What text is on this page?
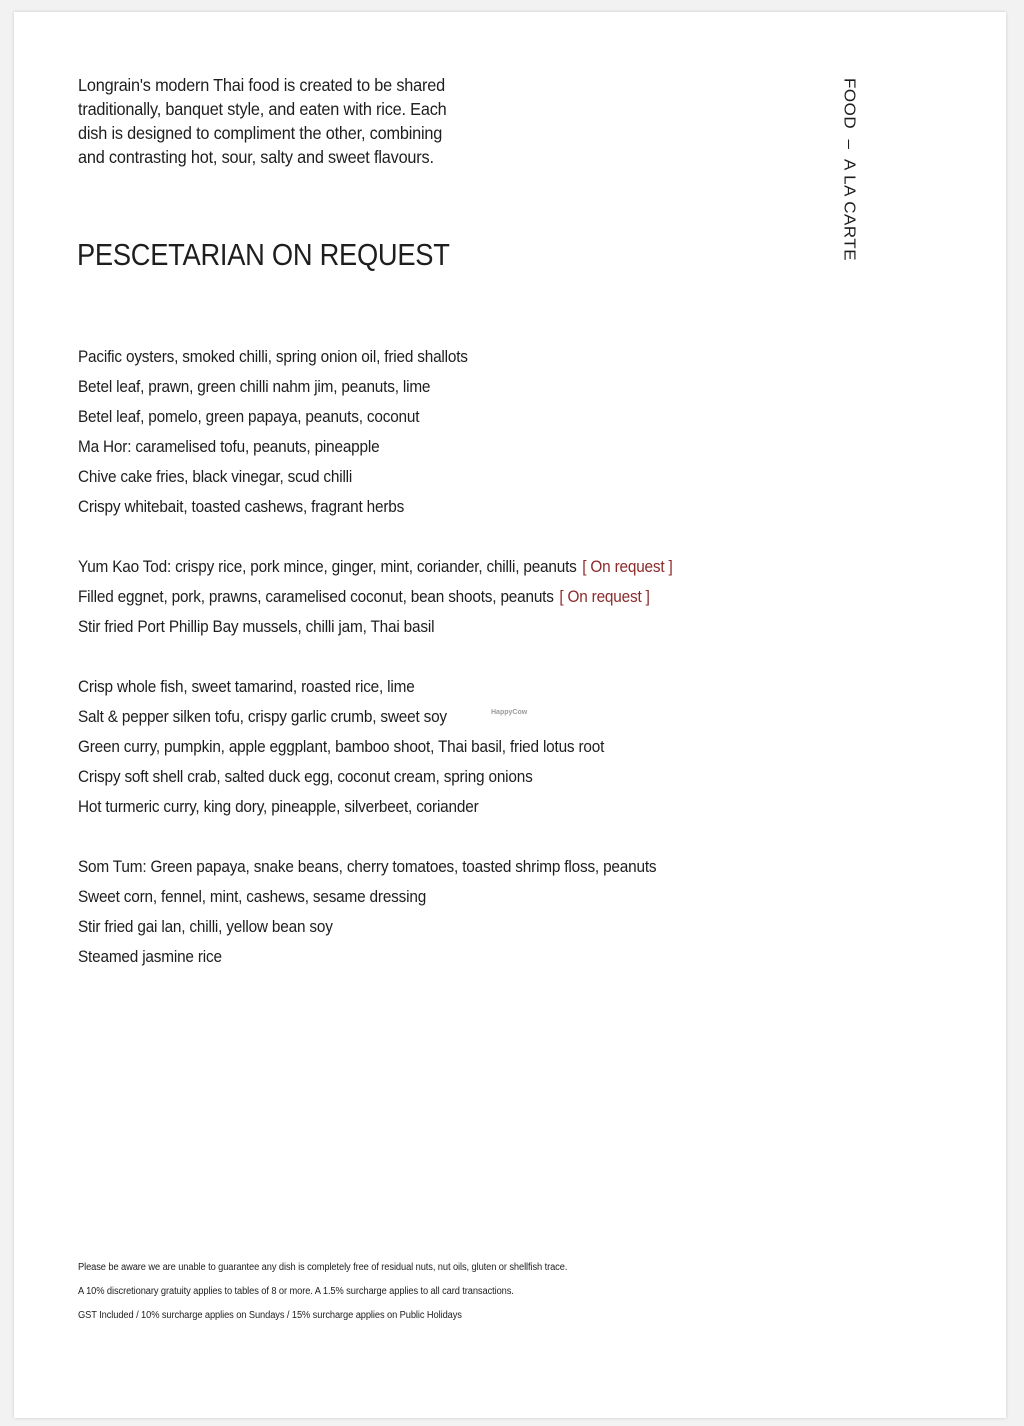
Longrain's modern Thai food is created to be shared

traditionally, banquet style, and eaten with rice. Each

dish is designed to compliment the other, combining

and contrasting hot, sour, salty and sweet flavours.	FOOD  –  A LA CARTE
PESCETARIAN ON REQUEST
Pacific oysters, smoked chilli, spring onion oil, fried shallots
Betel leaf, prawn, green chilli nahm jim, peanuts, lime
Betel leaf, pomelo, green papaya, peanuts, coconut
Ma Hor: caramelised tofu, peanuts, pineapple
Chive cake fries, black vinegar, scud chilli
Crispy whitebait, toasted cashews, fragrant herbs
Yum Kao Tod: crispy rice, pork mince, ginger, mint, coriander, chilli, peanuts [ On request ]
Filled eggnet, pork, prawns, caramelised coconut, bean shoots, peanuts [ On request ]
Stir fried Port Phillip Bay mussels, chilli jam, Thai basil
Crisp whole fish, sweet tamarind, roasted rice, lime
Salt & pepper silken tofu, crispy garlic crumb, sweet soy
Green curry, pumpkin, apple eggplant, bamboo shoot, Thai basil, fried lotus root
Crispy soft shell crab, salted duck egg, coconut cream, spring onions
Hot turmeric curry, king dory, pineapple, silverbeet, coriander
Som Tum: Green papaya, snake beans, cherry tomatoes, toasted shrimp floss, peanuts
Sweet corn, fennel, mint, cashews, sesame dressing
Stir fried gai lan, chilli, yellow bean soy
Steamed jasmine rice
HappyCow

Please be aware we are unable to guarantee any dish is completely free of residual nuts, nut oils, gluten or shellfish trace.

A 10% discretionary gratuity applies to tables of 8 or more. A 1.5% surcharge applies to all card transactions.

GST Included / 10% surcharge applies on Sundays / 15% surcharge applies on Public Holidays
